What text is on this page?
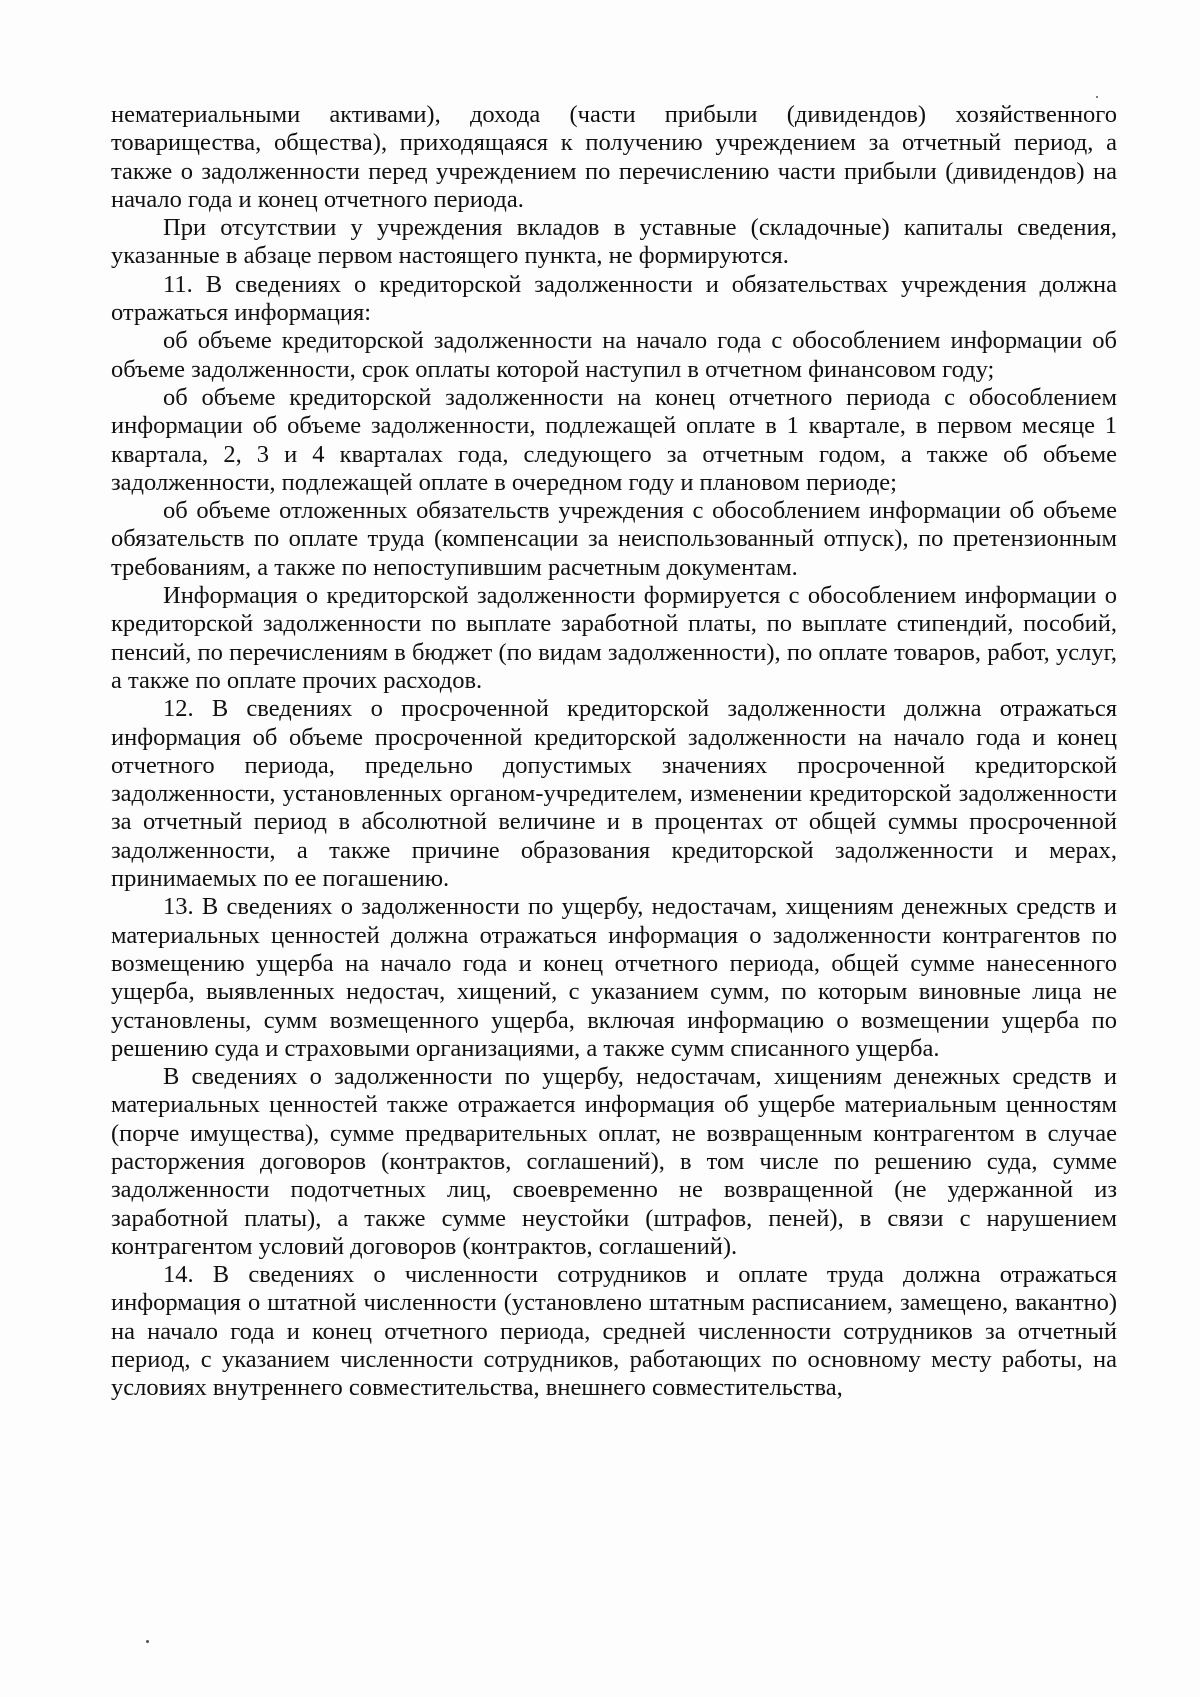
нематериальными активами), дохода (части прибыли (дивидендов) хозяйственного товарищества, общества), приходящаяся к получению учреждением за отчетный период, а также о задолженности перед учреждением по перечислению части прибыли (дивидендов) на начало года и конец отчетного периода.

При отсутствии у учреждения вкладов в уставные (складочные) капиталы сведения, указанные в абзаце первом настоящего пункта, не формируются.

11. В сведениях о кредиторской задолженности и обязательствах учреждения должна отражаться информация:

об объеме кредиторской задолженности на начало года с обособлением информации об объеме задолженности, срок оплаты которой наступил в отчетном финансовом году;

об объеме кредиторской задолженности на конец отчетного периода с обособлением информации об объеме задолженности, подлежащей оплате в 1 квартале, в первом месяце 1 квартала, 2, 3 и 4 кварталах года, следующего за отчетным годом, а также об объеме задолженности, подлежащей оплате в очередном году и плановом периоде;

об объеме отложенных обязательств учреждения с обособлением информации об объеме обязательств по оплате труда (компенсации за неиспользованный отпуск), по претензионным требованиям, а также по непоступившим расчетным документам.

Информация о кредиторской задолженности формируется с обособлением информации о кредиторской задолженности по выплате заработной платы, по выплате стипендий, пособий, пенсий, по перечислениям в бюджет (по видам задолженности), по оплате товаров, работ, услуг, а также по оплате прочих расходов.

12. В сведениях о просроченной кредиторской задолженности должна отражаться информация об объеме просроченной кредиторской задолженности на начало года и конец отчетного периода, предельно допустимых значениях просроченной кредиторской задолженности, установленных органом-учредителем, изменении кредиторской задолженности за отчетный период в абсолютной величине и в процентах от общей суммы просроченной задолженности, а также причине образования кредиторской задолженности и мерах, принимаемых по ее погашению.

13. В сведениях о задолженности по ущербу, недостачам, хищениям денежных средств и материальных ценностей должна отражаться информация о задолженности контрагентов по возмещению ущерба на начало года и конец отчетного периода, общей сумме нанесенного ущерба, выявленных недостач, хищений, с указанием сумм, по которым виновные лица не установлены, сумм возмещенного ущерба, включая информацию о возмещении ущерба по решению суда и страховыми организациями, а также сумм списанного ущерба.

В сведениях о задолженности по ущербу, недостачам, хищениям денежных средств и материальных ценностей также отражается информация об ущербе материальным ценностям (порче имущества), сумме предварительных оплат, не возвращенным контрагентом в случае расторжения договоров (контрактов, соглашений), в том числе по решению суда, сумме задолженности подотчетных лиц, своевременно не возвращенной (не удержанной из заработной платы), а также сумме неустойки (штрафов, пеней), в связи с нарушением контрагентом условий договоров (контрактов, соглашений).

14. В сведениях о численности сотрудников и оплате труда должна отражаться информация о штатной численности (установлено штатным расписанием, замещено, вакантно) на начало года и конец отчетного периода, средней численности сотрудников за отчетный период, с указанием численности сотрудников, работающих по основному месту работы, на условиях внутреннего совместительства, внешнего совместительства,
